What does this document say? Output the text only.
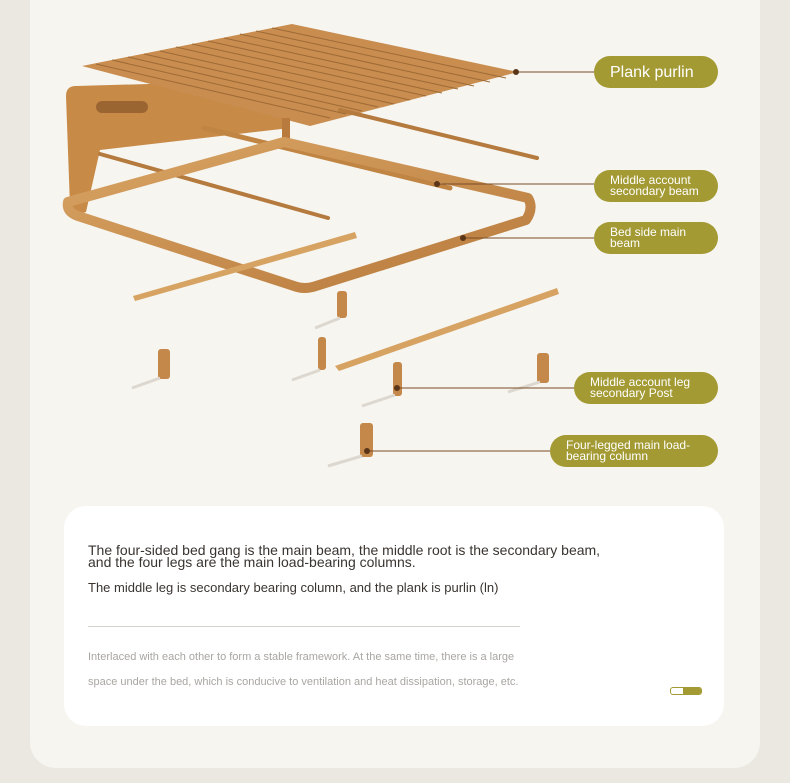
Plank purlin
Middle account
secondary beam
Bed side main
beam
Middle account leg
secondary Post
Four-legged main load-
bearing column
The four-sided bed gang is the main beam, the middle root is the secondary beam, and the four legs are the main load-bearing columns.
The middle leg is secondary bearing column, and the plank is purlin (ln)
Interlaced with each other to form a stable framework. At the same time, there is a large space under the bed, which is conducive to ventilation and heat dissipation, storage, etc.
